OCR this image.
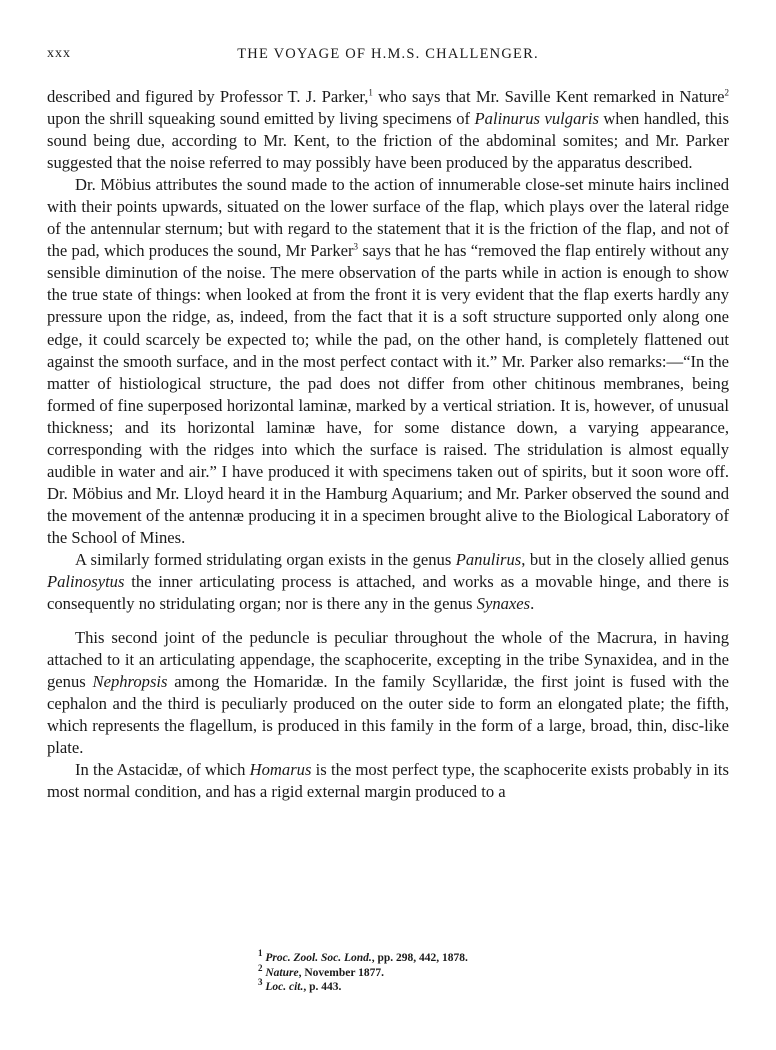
xxx	THE VOYAGE OF H.M.S. CHALLENGER.

described and figured by Professor T. J. Parker,$^1$ who says that Mr. Saville Kent remarked in Nature$^2$ upon the shrill squeaking sound emitted by living specimens of Palinurus vulgaris when handled, this sound being due, according to Mr. Kent, to the friction of the abdominal somites; and Mr. Parker suggested that the noise referred to may possibly have been produced by the apparatus described.

Dr. Möbius attributes the sound made to the action of innumerable close-set minute hairs inclined with their points upwards, situated on the lower surface of the flap, which plays over the lateral ridge of the antennular sternum; but with regard to the statement that it is the friction of the flap, and not of the pad, which produces the sound, Mr Parker$^3$ says that he has “removed the flap entirely without any sensible diminution of the noise. The mere observation of the parts while in action is enough to show the true state of things: when looked at from the front it is very evident that the flap exerts hardly any pressure upon the ridge, as, indeed, from the fact that it is a soft structure supported only along one edge, it could scarcely be expected to; while the pad, on the other hand, is completely flattened out against the smooth surface, and in the most perfect contact with it.” Mr. Parker also remarks:—“In the matter of histiological structure, the pad does not differ from other chitinous membranes, being formed of fine superposed horizontal laminæ, marked by a vertical striation. It is, however, of unusual thickness; and its horizontal laminæ have, for some distance down, a varying appearance, corresponding with the ridges into which the surface is raised. The stridulation is almost equally audible in water and air.” I have produced it with specimens taken out of spirits, but it soon wore off. Dr. Möbius and Mr. Lloyd heard it in the Hamburg Aquarium; and Mr. Parker observed the sound and the movement of the antennæ producing it in a specimen brought alive to the Biological Laboratory of the School of Mines.

A similarly formed stridulating organ exists in the genus Panulirus, but in the closely allied genus Palinosytus the inner articulating process is attached, and works as a movable hinge, and there is consequently no stridulating organ; nor is there any in the genus Synaxes.

This second joint of the peduncle is peculiar throughout the whole of the Macrura, in having attached to it an articulating appendage, the scaphocerite, excepting in the tribe Synaxidea, and in the genus Nephropsis among the Homaridæ. In the family Scyllaridæ, the first joint is fused with the cephalon and the third is peculiarly produced on the outer side to form an elongated plate; the fifth, which represents the flagellum, is produced in this family in the form of a large, broad, thin, disc-like plate.

In the Astacidæ, of which Homarus is the most perfect type, the scaphocerite exists probably in its most normal condition, and has a rigid external margin produced to a

$^1$ Proc. Zool. Soc. Lond., pp. 298, 442, 1878.
$^2$ Nature, November 1877.
$^3$ Loc. cit., p. 443.
